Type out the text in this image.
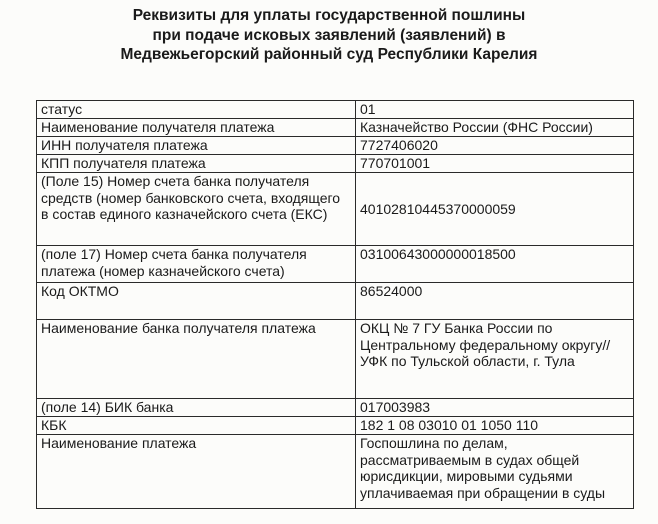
Реквизиты для уплаты государственной пошлины
при подаче исковых заявлений (заявлений) в
Медвежьегорский районный суд Республики Карелия
статус	01
Наименование получателя платежа	Казначейство России (ФНС России)
ИНН получателя платежа	7727406020
КПП получателя платежа	770701001
(Поле 15) Номер счета банка получателя средств (номер банковского счета, входящего в состав единого казначейского счета (ЕКС)	40102810445370000059
(поле 17) Номер счета банка получателя платежа (номер казначейского счета)	03100643000000018500
Код ОКТМО	86524000
Наименование банка получателя платежа	ОКЦ № 7 ГУ Банка России по Центральному федеральному округу//УФК по Тульской области, г. Тула
(поле 14) БИК банка	017003983
КБК	182 1 08 03010 01 1050 110
Наименование платежа	Госпошлина по делам, рассматриваемым в судах общей юрисдикции, мировыми судьями уплачиваемая при обращении в суды
